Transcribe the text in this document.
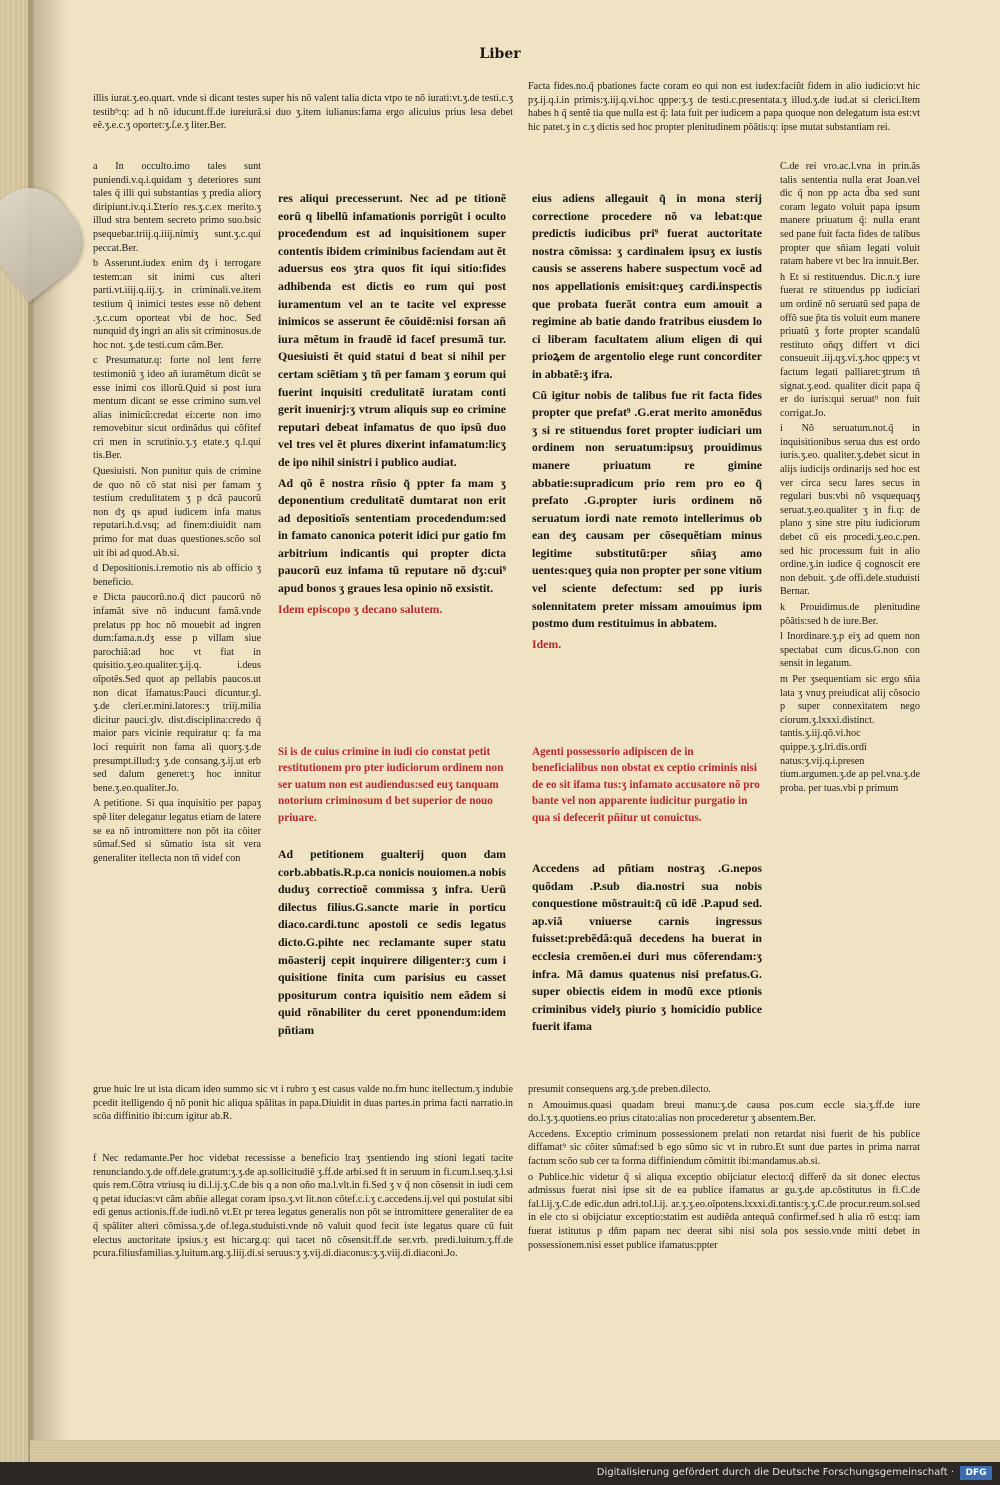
Liber

illis iurat.ʒ.eo.quart. vnde si dicant testes super his nõ valent talia dicta vtpo te nõ iurati:vt.ʒ.de testi.c.ʒ testib⁹:q: ad h nõ iducunt.ff.de iureiurã.si duo ʒ.item iulianus:fama ergo alicuius prius lesa debet eẽ.ʒ.e.c.ʒ oportet:ʒ.ſ.e.ʒ liter.Ber.

Facta fides.no.q̃ pbationes facte coram eo qui non est iudex:faciũt fidem in alio iudicio:vt hic pʒ.ij.q.i.in primis:ʒ.iij.q.vi.hoc qppe:ʒ.ʒ de testi.c.presentata.ʒ illud.ʒ.de iud.at si clerici.Item habes h q̃ sentẽ tia que nulla est q̃: lata fuit per iudicem a papa quoque non delegatum ista est:vt hic patet.ʒ in c.ʒ dictis sed hoc propter plenitudinem põãtis:q: ipse mutat substantiam rei.

a In occulto.imo tales sunt puniendi.v.q.i.quidam ʒ deteriores sunt tales q̃ illi qui substantias ʒ predia aliorʒ diripiunt.iv.q.i.Σterio res.ʒ.c.ex merito.ʒ illud stra bentem secreto primo suo.bsic psequebar.triij.q.iiij.nimiʒ sunt.ʒ.c.qui peccat.Ber.

b Asserunt.iudex enim dʒ i terrogare testem:an sit inimi cus alteri parti.vt.iiij.q.iij.ʒ. in criminali.ve.item testium q̃ inimici testes esse nõ debent .ʒ.c.cum oporteat vbi de hoc. Sed nunquid dʒ ingri an alis sit criminosus.de hoc not. ʒ.de testi.cum cãm.Ber.

c Presumatur.q: forte nol lent ferre testimoniũ ʒ ideo añ iuramẽtum dicũt se esse inimi cos illorũ.Quid si post iura mentum dicant se esse crimino sum.vel alias inimicũ:credat ei:certe non imo removebitur sicut ordinãdus qui cõfitef cri men in scrutinio.ʒ.ʒ etate.ʒ q.l.qui tis.Ber.

Quesiuisti. Non punitur quis de crimine de quo nõ cõ stat nisi per famam ʒ testium credulitatem ʒ p dcã paucorũ non dʒ qs apud iudicem infa matus reputari.h.d.vsq; ad finem:diuidit nam primo for mat duas questiones.scõo sol uit ibi ad quod.Ab.si.

d Depositionis.i.remotio nis ab officio ʒ beneficio.

e Dicta paucorũ.no.q̃ dict paucorũ nõ infamãt sive nõ inducunt famã.vnde prelatus pp hoc nõ mouebit ad ingren dum:fama.n.dʒ esse p villam siue parochiã:ad hoc vt fiat in quisitio.ʒ.eo.qualiter.ʒ.ij.q. i.deus oĩpotẽs.Sed quot ap pellabis paucos.ut non dicat ĩfamatus:Pauci dicuntur.ʒl. ʒ.de cleri.er.mini.latores:ʒ triij.milia dicitur pauci.ʒlv. dist.disciplina:credo q̃ maior pars vicinie requiratur q: fa ma loci requirit non fama ali quorʒ.ʒ.de presumpt.illud:ʒ ʒ.de consang.ʒ.ij.ut erb sed dalum generet:ʒ hoc innitur bene.ʒ.eo.qualiter.Jo.

A petitione. Si qua inquisitio per papaʒ spẽ liter delegatur legatus etiam de latere se ea nõ intromittere non põt ita cõiter sũmaf.Sed si sũmatio ista sit vera generaliter itellecta non tñ videf con

res aliqui precesserunt. Nec ad pe titionẽ eorũ q libellũ infamationis porrigũt i oculto proceđendum est ad inquisitionem super contentis ibidem criminibus faciendam aut ẽt aduersus eos ʒtra quos fit iqui sitio:fides adhibenda est dictis eo rum qui post iuramentum vel an te tacite vel expresse inimicos se asserunt ẽe cõuidẽ:nisi forsan añ iura mẽtum in fraudẽ id facef presumã tur. Quesiuisti ẽt quid statui d beat si nihil per certam sciẽtiam ʒ tñ per famam ʒ eorum qui fuerint inquisiti credulitatẽ iuratam conti gerit inuenirj:ʒ vtrum aliquis sup eo crimine reputari debeat infamatus de quo ipsũ duo vel tres vel ẽt plures dixerint infamatum:licʒ de ipo nihil sinistri i publico audiat.

Ad qõ ẽ nostra rñsio q̃ ppter fa mam ʒ deponentium credulitatẽ dumtarat non erit ad depositioĩs sententiam procedendum:sed in famato canonica poterit idici pur gatio fm arbitrium indicantis qui propter dicta paucorũ euz infama tũ reputare nõ dʒ:cui⁹ apud bonos ʒ graues lesa opinio nõ exsistit.

Idem episcopo ʒ decano salutem.

Si is de cuius crimine in iudi cio constat petit restitutionem pro pter iudiciorum ordinem non ser uatum non est audiendus:sed euʒ tanquam notorium criminosum d bet superior de nouo priuare.

Ad petitionem gualterij quon dam corb.abbatis.R.p.ca nonicis nouiomen.a nobis duduʒ correctioẽ commissa ʒ infra. Uerũ dilectus filius.G.sancte marie in porticu diaco.cardi.tunc apostoli ce sedis legatus dicto.G.pihte nec reclamante super statu mõasterij cepit inquirere diligenter:ʒ cum i quisitione finita cum parisius eu casset ppositurum contra iquisitio nem eãdem si quid rõnabiliter du ceret pponendum:idem pñtiam

eius adiens allegauit q̃ in mona sterij correctione procedere nõ va lebat:que predictis iudicibus pri⁹ fuerat auctoritate nostra cõmissa: ʒ cardinalem ipsuʒ ex iustis causis se asserens habere suspectum vocẽ ad nos appellationis emisit:queʒ cardi.inspectis que probata fuerãt contra eum amouit a regimine ab batie dando fratribus eiusdem lo ci liberam facultatem alium eligen di qui prioꝝem de argentolio elege runt concorditer in abbatẽ:ʒ ifra.

Cũ igitur nobis de talibus fue rit facta fides propter que prefat⁹ .G.erat merito amonẽdus ʒ si re stituendus foret propter iudiciari um ordinem non seruatum:ipsuʒ prouidimus manere priuatum re gimine abbatie:supradicum prio rem pro eo q̃ prefato .G.propter iuris ordinem nõ seruatum iordi nate remoto intellerimus ob ean deʒ causam per cõsequẽtiam minus legitime substitutũ:per sñiaʒ amo uentes:queʒ quia non propter per sone vitium vel sciente defectum: sed pp iuris solennitatem preter missam amouimus ipm postmo dum restituimus in abbatem.

Idem.

Agenti possessorio adipiscen de in beneficialibus non obstat ex ceptio criminis nisi de eo sit ifama tus:ʒ infamato accusatore nõ pro bante vel non apparente iudicitur purgatio in qua si defecerit pñitur ut conuictus.

Accedens ad pñtiam nostraʒ .G.nepos quõdam .P.sub dia.nostri sua nobis conquestione mõstrauit:q̃ cũ idẽ .P.apud sed. ap.viã vniuerse carnis ingressus fuisset:prebẽdã:quã decedens ha buerat in ecclesia cremõen.ei duri mus cõferendam:ʒ infra. Mã damus quatenus nisi prefatus.G. super obiectis eidem in modũ exce ptionis criminibus videlʒ piurio ʒ homicidio publice fuerit ifama

C.de rei vro.ac.l.vna in prin.ãs talis sententia nulla erat Joan.vel dic q̃ non pp acta d̃ba sed sunt coram legato voluit papa ipsum manere priuatum q̃: nulla erant sed pane fuit facta fides de talibus propter que sñiam legati voluit ratam habere vt bec lra innuit.Ber.

h Et si restituendus. Dic.n.ʒ iure fuerat re stituendus pp iudiciari um ordinẽ nõ seruatũ sed papa de offõ sue p̃ta tis voluit eum manere priuatũ ʒ forte propter scandalũ restituto oñqʒ differt vt dici consueuit .iij.qʒ.vi.ʒ.hoc qppe:ʒ vt factum legati palliaret:ʒtrum tñ signat.ʒ.eod. qualiter dicit papa q̃ er do iuris:qui seruat⁹ non fuit corrigat.Jo.

i Nõ seruatum.not.q̃ in inquisitionibus serua dus est ordo iuris.ʒ.eo. qualiter.ʒ.debet sicut in alijs iudicijs ordinarijs sed hoc est ver circa secu lares secus in regulari bus:vbi nõ vsquequaqʒ seruat.ʒ.eo.qualiter ʒ in fi.q: de plano ʒ sine stre pitu iudiciorum debet cũ eis procedi.ʒ.eo.c.pen. sed hic processum fuit in alio ordine.ʒ.in iudice q̃ cognoscit ere non debuit. ʒ.de offi.dele.studuisti Bernar.

k Prouidimus.de plenitudine põãtis:sed h de iure.Ber.

l Inordinare.ʒ.p eiʒ ad quem non spectabat cum dicus.G.non con sensit in legatum.

m Per ʒsequentiam sic ergo sñia lata ʒ vnuʒ preiudicat alij cõsocio p super connexitatem nego ciorum.ʒ.lxxxi.distinct. tantis.ʒ.iij.qõ.vi.hoc quippe.ʒ.ʒ.lri.dis.ordi natus:ʒ.vij.q.i.presen tium.argumen.ʒ.de ap pel.vna.ʒ.de proba. per tuas.vbi p primum

grue huic lre ut ista dicam ideo summo sic vt i rubro ʒ est casus valde no.fm hunc itellectum.ʒ indubie pcedit itelligendo q̃ nõ ponit hic aliqua spãlitas in papa.Diuidit in duas partes.in prima facti narratio.in scõa diffinitio ibi:cum igitur ab.R.

f Nec redamante.Per hoc videbat recessisse a beneficio lraʒ ʒsentiendo ing stioni legati tacite renunciando.ʒ.de off.dele.gratum:ʒ.ʒ.de ap.sollicitudiẽ ʒ.ff.de arbi.sed ft in seruum in fi.cum.l.seq.ʒ.l.si quis rem.Cõtra vtriusq iu di.l.ij.ʒ.C.de bis q a non oño ma.l.vlt.in fi.Sed ʒ v q̃ non cõsensit in iudi cem q petat iducias:vt cãm abñie allegat coram ipso.ʒ.vt lit.non cõtef.c.i.ʒ c.accedens.ij.vel qui postulat sibi edi genus actionis.ff.de iudi.nõ vt.Et pr terea legatus generalis non põt se intromittere generaliter de ea q̃ spãliter alteri cõmissa.ʒ.de of.lega.studuisti.vnde nõ valuit quod fecit iste legatus quare cũ fuit electus auctoritate ipsius.ʒ est hic:arg.q: qui tacet nõ cõsensit.ff.de ser.vrb. predi.luitum.ʒ.ff.de pcura.filiusfamilias.ʒ.luitum.arg.ʒ.liij.di.si seruus:ʒ ʒ.vij.di.diaconus:ʒ.ʒ.viij.di.diaconi.Jo.

presumit consequens arg.ʒ.de preben.dilecto.

n Amouimus.quasi quadam breui manu:ʒ.de causa pos.cum eccle sia.ʒ.ff.de iure do.l.ʒ.ʒ.quotiens.eo prius citato:alias non procederetur ʒ absentem.Ber.

Accedens. Exceptio criminum possessionem prelati non retardat nisi fuerit de his publice diffamat⁹ sic cõiter sũmaf:sed b ego sũmo sic vt in rubro.Et sunt due partes in prima narrat factum scõo sub cer ta forma diffiniendum cõmittit ibi:mandamus.ab.si.

o Publice.hic videtur q̃ si aliqua exceptio obijciatur electo:q̃ differẽ da sit donec electus admissus fuerat nisi ipse sit de ea publice ifamatus ar gu.ʒ.de ap.cõstitutus in fi.C.de fal.l.ij.ʒ.C.de edic.dun adri.tol.l.ij. ar.ʒ.ʒ.eo.oĩpotens.lxxxi.di.tantis:ʒ.ʒ.C.de procur.reum.sol.sed in ele cto si obijciatur exceptio:statim est audiẽda antequã confirmef.sed h alia rõ est:q: iam fuerat istitutus p dñm papam nec deerat sibi nisi sola pos sessio.vnde mitti debet in possessionem.nisi esset publice ifamatus:ppter

Digitalisierung gefördert durch die Deutsche Forschungsgemeinschaft ·	DFG
